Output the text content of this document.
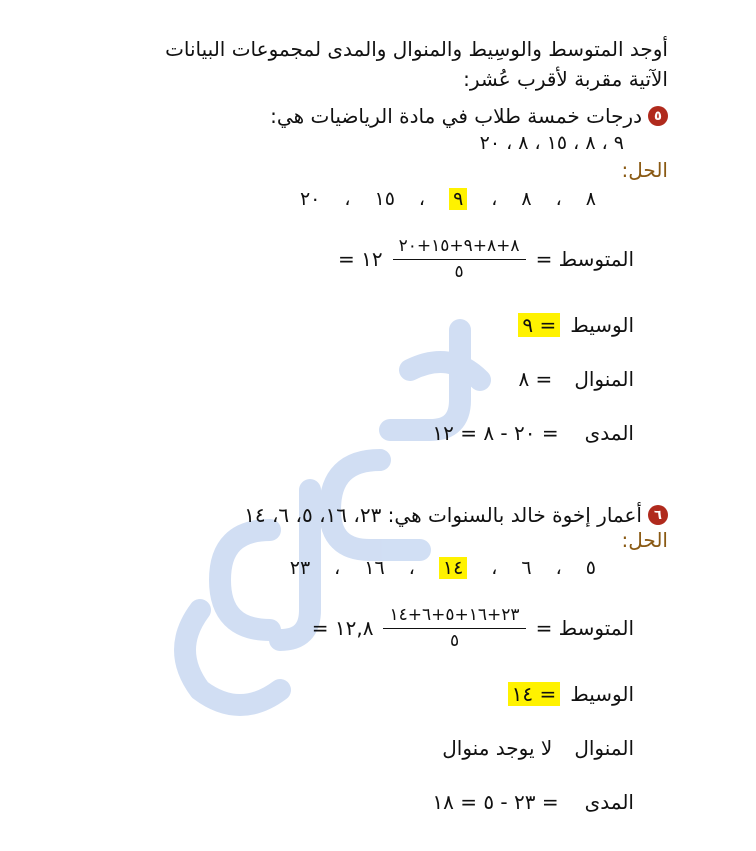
أوجد المتوسط والوسِيط والمنوال والمدى لمجموعات البيانات
الآتية مقربة لأقرب عُشر:
٥
درجات خمسة طلاب في مادة الرياضيات هي:
٩ ، ٨ ، ١٥ ، ٨ ، ٢٠
الحل:
٨
،
٨
،
٩
،
١٥
،
٢٠
المتوسط =
$\frac{٨+٨+٩+١٥+٢٠}{٥}$
= ١٢
الوسيط
= ٩
المنوال
= ٨
المدى
= ٢٠ - ٨ = ١٢
٦
أعمار إخوة خالد بالسنوات هي: ٢٣، ١٦، ٥، ٦، ١٤
الحل:
٥
،
٦
،
١٤
،
١٦
،
٢٣
المتوسط =
$\frac{٢٣+١٦+٥+٦+١٤}{٥}$
= ١٢,٨
الوسيط
= ١٤
المنوال
لا يوجد منوال
المدى
= ٢٣ - ٥ = ١٨
